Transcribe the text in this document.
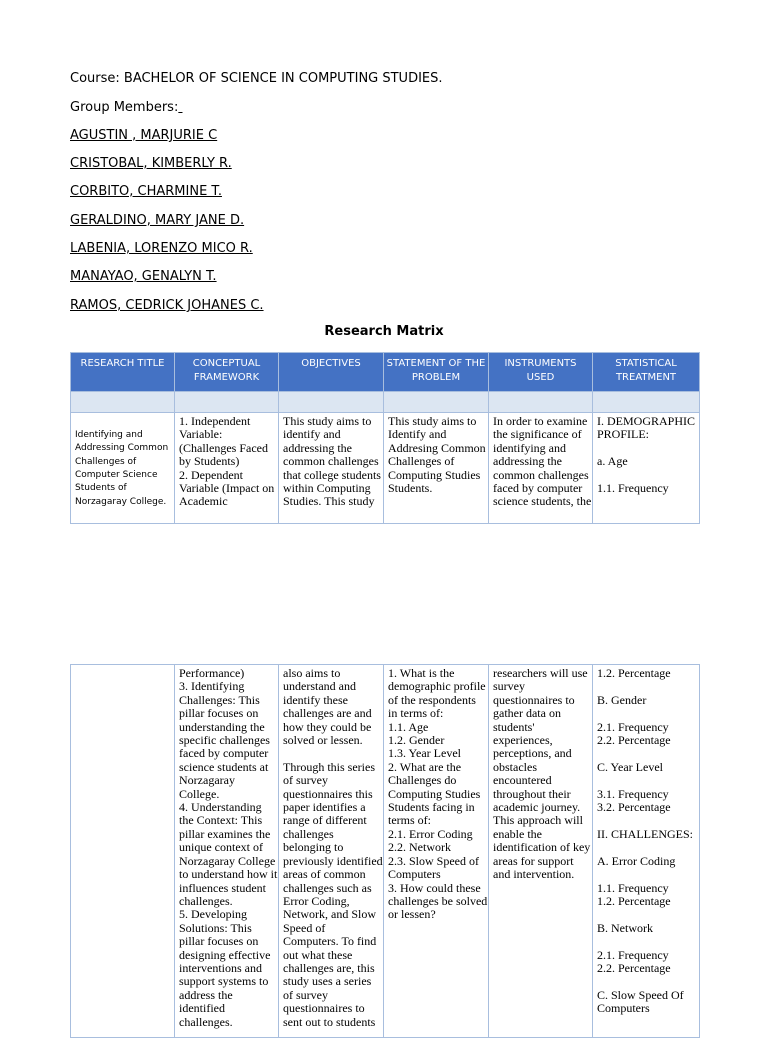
Course: BACHELOR OF SCIENCE IN COMPUTING STUDIES.
Group Members:
AGUSTIN , MARJURIE C
CRISTOBAL, KIMBERLY R.
CORBITO, CHARMINE T.
GERALDINO, MARY JANE D.
LABENIA, LORENZO MICO R.
MANAYAO, GENALYN T.
RAMOS, CEDRICK JOHANES C.
Research Matrix
RESEARCH TITLE	CONCEPTUAL FRAMEWORK	OBJECTIVES	STATEMENT OF THE PROBLEM	INSTRUMENTS USED	STATISTICAL TREATMENT

Identifying and Addressing Common Challenges of Computer Science Students of Norzagaray College.	1. Independent Variable: (Challenges Faced by Students)
2. Dependent Variable (Impact on Academic	This study aims to identify and addressing the common challenges that college students within Computing Studies. This study	This study aims to Identify and Addresing Common Challenges of Computing Studies Students.	In order to examine the significance of identifying and addressing the common challenges faced by computer science students, the	I. DEMOGRAPHIC PROFILE:

a. Age

1.1. Frequency
	Performance)
3. Identifying Challenges: This pillar focuses on understanding the specific challenges faced by computer science students at Norzagaray College.
4. Understanding the Context: This pillar examines the unique context of Norzagaray College to understand how it influences student challenges.
5. Developing Solutions: This pillar focuses on designing effective interventions and support systems to address the identified challenges.	also aims to understand and identify these challenges are and how they could be solved or lessen.

Through this series of survey questionnaires this paper identifies a range of different challenges belonging to previously identified areas of common challenges such as Error Coding, Network, and Slow Speed of Computers. To find out what these challenges are, this study uses a series of survey questionnaires to sent out to students	1. What is the demographic profile of the respondents in terms of:
1.1. Age
1.2. Gender
1.3. Year Level
2. What are the Challenges do Computing Studies Students facing in terms of:
2.1. Error Coding
2.2. Network
2.3. Slow Speed of Computers
3. How could these challenges be solved or lessen?	researchers will use survey questionnaires to gather data on students' experiences, perceptions, and obstacles encountered throughout their academic journey. This approach will enable the identification of key areas for support and intervention.	1.2. Percentage

B. Gender

2.1. Frequency
2.2. Percentage

C. Year Level

3.1. Frequency
3.2. Percentage

II. CHALLENGES:

A. Error Coding

1.1. Frequency
1.2. Percentage

B. Network

2.1. Frequency
2.2. Percentage

C. Slow Speed Of Computers
